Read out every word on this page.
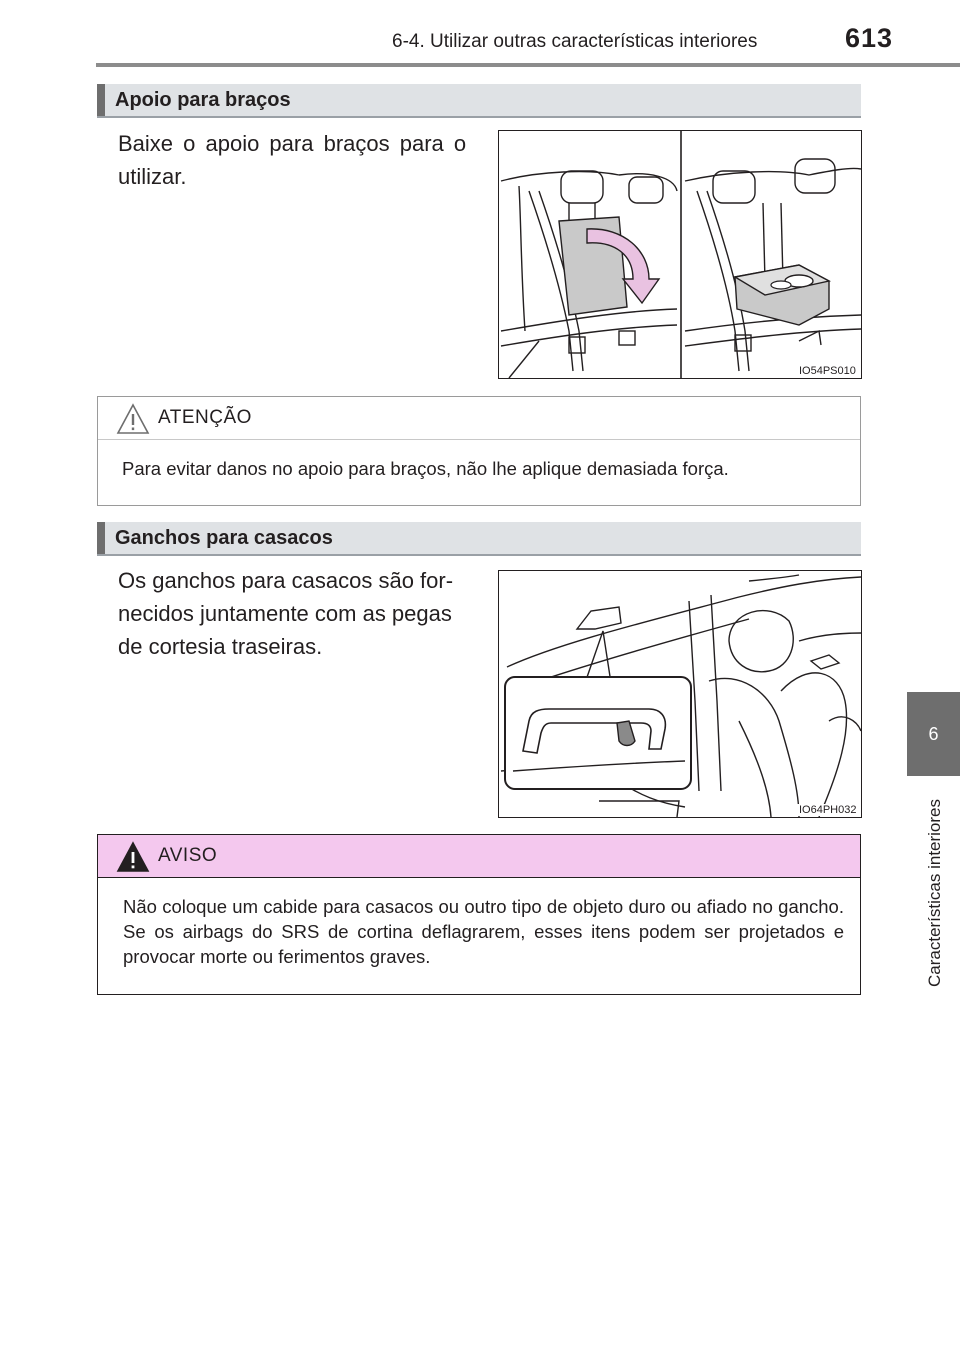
6-4. Utilizar outras características interiores	613
6
Características interiores
Apoio para braços
Baixe o apoio para braços para o
utilizar.
IO54PS010
ATENÇÃO
Para evitar danos no apoio para braços, não lhe aplique demasiada força.
Ganchos para casacos
Os ganchos para casacos são for-
necidos juntamente com as pegas
de cortesia traseiras.
IO64PH032
AVISO
Não coloque um cabide para casacos ou outro tipo de objeto duro ou afiado no gancho. Se os airbags do SRS de cortina deflagrarem, esses itens podem ser projetados e provocar morte ou ferimentos graves.
